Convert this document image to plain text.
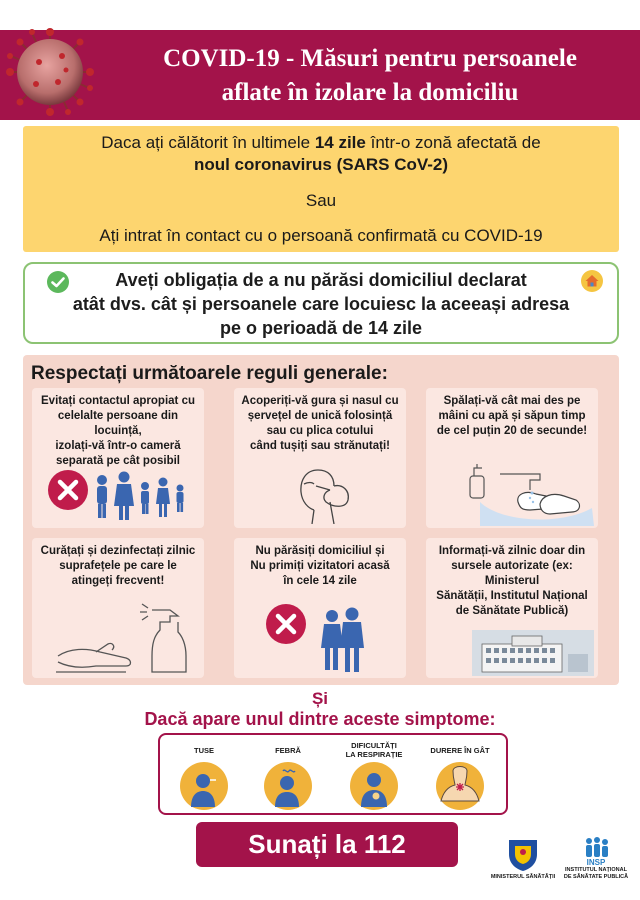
COVID-19 - Măsuri pentru persoanele
aflate în izolare la domiciliu

Daca ați călătorit în ultimele 14 zile într-o zonă afectată de

noul coronavirus (SARS CoV-2)

Sau

Ați intrat în contact cu o persoană confirmată cu COVID-19

Aveți obligația de a nu părăsi domiciliul declarat

atât dvs. cât și persoanele care locuiesc la aceeași adresa

pe o perioadă de 14 zile

Respectați următoarele reguli generale:
Evitați contactul apropiat cu
celelalte persoane din locuință,
izolați-vă într-o cameră
separată pe cât posibil
Acoperiți-vă gura și nasul cu
șervețel de unică folosință
sau cu plica cotului
când tușiți sau strănutați!
Spălați-vă cât mai des pe
mâini cu apă și săpun timp
de cel puțin 20 de secunde!
Curățați și dezinfectați zilnic
suprafețele pe care le
atingeți frecvent!
Nu părăsiți domiciliul și
Nu primiți vizitatori acasă
în cele 14 zile
Informați-vă zilnic doar din
sursele autorizate (ex: Ministerul
Sănătății, Institutul Național
de Sănătate Publică)
Și
Dacă apare unul dintre aceste simptome:
TUSE	FEBRĂ
DIFICULTĂȚI
LA RESPIRAȚIE	DURERE ÎN GÂT
Sunați la 112
MINISTERUL SĂNĂTĂȚII
INSP
INSTITUTUL NAȚIONAL
DE SĂNĂTATE PUBLICĂ
